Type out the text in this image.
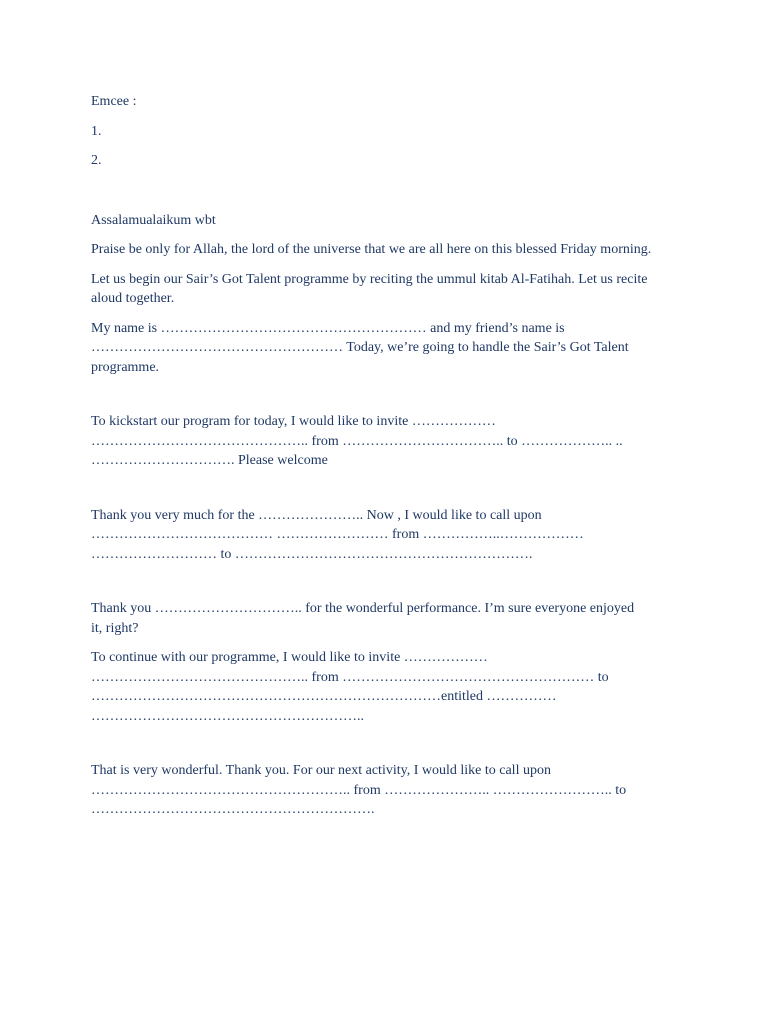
Emcee :

1.

2.

Assalamualaikum wbt

Praise be only for Allah, the lord of the universe that we are all here on this blessed Friday morning.

Let us begin our Sair’s Got Talent programme by reciting the ummul kitab Al-Fatihah. Let us recite aloud together.

My name is ………………………………………………… and my friend’s name is
……………………………………………… Today, we’re going to handle the Sair’s Got Talent
programme.

To kickstart our program for today, I would like to invite ………………
……………………………………….. from …………………………….. to ……………….. ..
…………………………. Please welcome

Thank you very much for the ………………….. Now , I would like to call upon
………………………………… …………………… from ……………..………………
……………………… to ……………………………………………………….

Thank you ………………………….. for the wonderful performance. I’m sure everyone enjoyed
it, right?

To continue with our programme, I would like to invite ………………
……………………………………….. from ……………………………………………… to
…………………………………………………………………entitled ……………
…………………………………………………..

That is very wonderful. Thank you. For our next activity, I would like to call upon
……………………………………………….. from ………………….. …………………….. to
…………………………………………………….
